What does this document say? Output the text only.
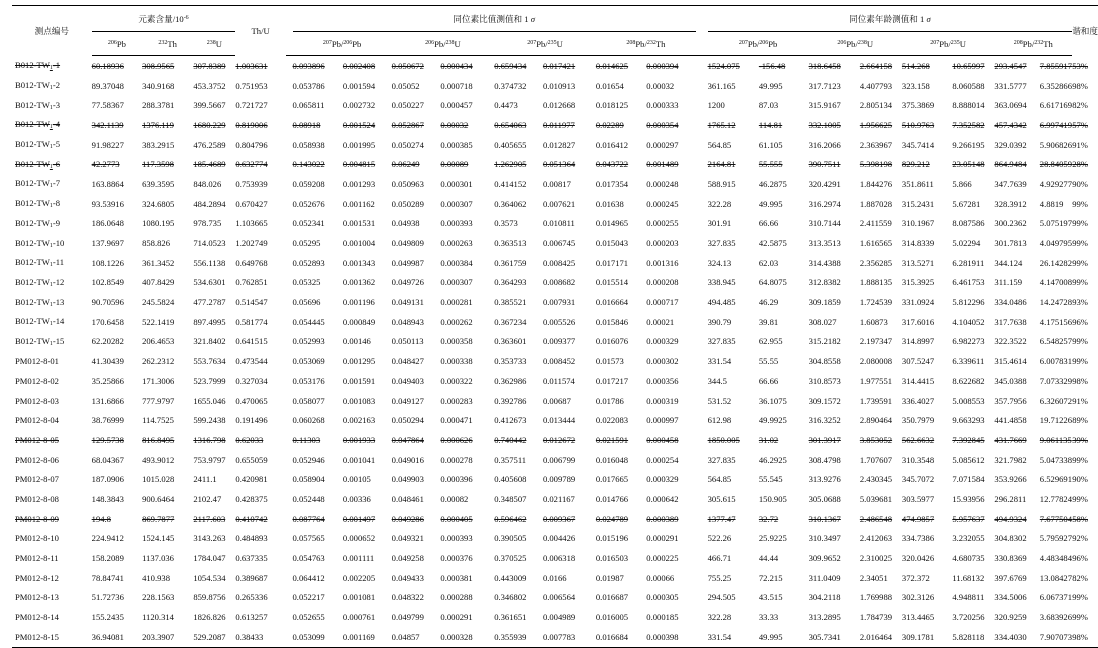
测点编号	元素含量$/10^{-6}$			Th/U		同位素比值测值和 1 σ									同位素年龄测值和 1 σ								谐和度
	$^{206}$Pb	$^{232}$Th	$^{238}$U			$^{207}$Pb/$^{206}$Pb		$^{206}$Pb/$^{238}$U		$^{207}$Pb/$^{235}$U		$^{208}$Pb/$^{232}$Th			$^{207}$Pb/$^{206}$Pb		$^{206}$Pb/$^{238}$U		$^{207}$Pb/$^{235}$U		$^{208}$Pb/$^{232}$Th		
$B012-TW_1-1$	60.18936	308.9565	307.8389	1.003631		0.093896	0.002408	0.050672	0.000434	0.659434	0.017421	0.014625	0.000394		1524.075	-156.48	318.6458	2.664158	514.268	10.65997	293.4547	7.855917	53%
$B012-TW_1-2$	89.37048	340.9168	453.3752	0.751953		0.053786	0.001594	0.05052	0.000718	0.374732	0.010913	0.01654	0.00032		361.165	49.995	317.7123	4.407793	323.158	8.060588	331.5777	6.352866	98%
$B012-TW_1-3$	77.58367	288.3781	399.5667	0.721727		0.065811	0.002732	0.050227	0.000457	0.4473	0.012668	0.018125	0.000333		1200	87.03	315.9167	2.805134	375.3869	8.888014	363.0694	6.617169	82%
$B012-TW_1-4$	342.1139	1376.119	1680.229	0.819006		0.08918	0.001524	0.052867	0.00032	0.654063	0.011977	0.02289	0.000354		1765.12	114.81	332.1005	1.956625	510.9763	7.352582	457.4342	6.997419	57%
$B012-TW_1-5$	91.98227	383.2915	476.2589	0.804796		0.058938	0.001995	0.050274	0.000385	0.405655	0.012827	0.016412	0.000297		564.85	61.105	316.2066	2.363967	345.7414	9.266195	329.0392	5.906826	91%
$B012-TW_1-6$	42.2773	117.3598	185.4689	0.632774		0.143022	0.004815	0.06249	0.00089	1.262905	0.051364	0.043722	0.001489		2164.81	55.555	390.7511	5.398198	829.212	23.05148	864.9484	28.84059	28%
$B012-TW_1-7$	163.8864	639.3595	848.026	0.753939		0.059208	0.001293	0.050963	0.000301	0.414152	0.00817	0.017354	0.000248		588.915	46.2875	320.4291	1.844276	351.8611	5.866	347.7639	4.929277	90%
$B012-TW_1-8$	93.53916	324.6805	484.2894	0.670427		0.052676	0.001162	0.050289	0.000307	0.364062	0.007621	0.01638	0.000245		322.28	49.995	316.2974	1.887028	315.2431	5.67281	328.3912	4.8819	99%
$B012-TW_1-9$	186.0648	1080.195	978.735	1.103665		0.052341	0.001531	0.04938	0.000393	0.3573	0.010811	0.014965	0.000255		301.91	66.66	310.7144	2.411559	310.1967	8.087586	300.2362	5.075197	99%
$B012-TW_1-10$	137.9697	858.826	714.0523	1.202749		0.05295	0.001004	0.049809	0.000263	0.363513	0.006745	0.015043	0.000203		327.835	42.5875	313.3513	1.616565	314.8339	5.02294	301.7813	4.049795	99%
$B012-TW_1-11$	108.1226	361.3452	556.1138	0.649768		0.052893	0.001343	0.049987	0.000384	0.361759	0.008425	0.017171	0.001316		324.13	62.03	314.4388	2.356285	313.5271	6.281911	344.124	26.14282	99%
$B012-TW_1-12$	102.8549	407.8429	534.6301	0.762851		0.05325	0.001362	0.049726	0.000307	0.364293	0.008682	0.015514	0.000208		338.945	64.8075	312.8382	1.888135	315.3925	6.461753	311.159	4.147008	99%
$B012-TW_1-13$	90.70596	245.5824	477.2787	0.514547		0.05696	0.001196	0.049131	0.000281	0.385521	0.007931	0.016664	0.000717		494.485	46.29	309.1859	1.724539	331.0924	5.812296	334.0486	14.24728	93%
$B012-TW_1-14$	170.6458	522.1419	897.4995	0.581774		0.054445	0.000849	0.048943	0.000262	0.367234	0.005526	0.015846	0.00021		390.79	39.81	308.027	1.60873	317.6016	4.104052	317.7638	4.175156	96%
$B012-TW_1-15$	62.20282	206.4653	321.8402	0.641515		0.052993	0.00146	0.050113	0.000358	0.363601	0.009377	0.016076	0.000329		327.835	62.955	315.2182	2.197347	314.8997	6.982273	322.3522	6.548257	99%
PM012-8-01	41.30439	262.2312	553.7634	0.473544		0.053069	0.001295	0.048427	0.000338	0.353733	0.008452	0.01573	0.000302		331.54	55.55	304.8558	2.080008	307.5247	6.339611	315.4614	6.007831	99%
PM012-8-02	35.25866	171.3006	523.7999	0.327034		0.053176	0.001591	0.049403	0.000322	0.362986	0.011574	0.017217	0.000356		344.5	66.66	310.8573	1.977551	314.4415	8.622682	345.0388	7.073329	98%
PM012-8-03	131.6866	777.9797	1655.046	0.470065		0.058077	0.001083	0.049127	0.000283	0.392786	0.00687	0.01786	0.000319		531.52	36.1075	309.1572	1.739591	336.4027	5.008553	357.7956	6.326072	91%
PM012-8-04	38.76999	114.7525	599.2438	0.191496		0.060268	0.002163	0.050294	0.000471	0.412673	0.013444	0.022083	0.000997		612.98	49.9925	316.3252	2.890464	350.7979	9.663293	441.4858	19.71226	89%
PM012-8-05	129.5738	816.8495	1316.798	0.62033		0.11303	0.001933	0.047864	0.000626	0.740442	0.012672	0.021591	0.000458		1850.005	31.02	301.3917	3.853052	562.6632	7.392845	431.7669	9.061135	39%
PM012-8-06	68.04367	493.9012	753.9797	0.655059		0.052946	0.001041	0.049016	0.000278	0.357511	0.006799	0.016048	0.000254		327.835	46.2925	308.4798	1.707607	310.3548	5.085612	321.7982	5.047338	99%
PM012-8-07	187.0906	1015.028	2411.1	0.420981		0.058904	0.00105	0.049903	0.000396	0.405608	0.009789	0.017665	0.000329		564.85	55.545	313.9276	2.430345	345.7072	7.071584	353.9266	6.529691	90%
PM012-8-08	148.3843	900.6464	2102.47	0.428375		0.052448	0.00336	0.048461	0.00082	0.348507	0.021167	0.014766	0.000642		305.615	150.905	305.0688	5.039681	303.5977	15.93956	296.2811	12.77824	99%
PM012-8-09	194.8	869.7877	2117.603	0.410742		0.087764	0.001497	0.049286	0.000405	0.596462	0.009367	0.024789	0.000389		1377.47	32.72	310.1367	2.486548	474.9857	5.957637	494.9324	7.677504	58%
PM012-8-10	224.9412	1524.145	3143.263	0.484893		0.057565	0.000652	0.049321	0.000393	0.390505	0.004426	0.015196	0.000291		522.26	25.9225	310.3497	2.412063	334.7386	3.232055	304.8302	5.795927	92%
PM012-8-11	158.2089	1137.036	1784.047	0.637335		0.054763	0.001111	0.049258	0.000376	0.370525	0.006318	0.016503	0.000225		466.71	44.44	309.9652	2.310025	320.0426	4.680735	330.8369	4.483484	96%
PM012-8-12	78.84741	410.938	1054.534	0.389687		0.064412	0.002205	0.049433	0.000381	0.443009	0.0166	0.01987	0.00066		755.25	72.215	311.0409	2.34051	372.372	11.68132	397.6769	13.08427	82%
PM012-8-13	51.72736	228.1563	859.8756	0.265336		0.052217	0.001081	0.048322	0.000288	0.346802	0.006564	0.016687	0.000305		294.505	43.515	304.2118	1.769988	302.3126	4.948811	334.5006	6.067371	99%
PM012-8-14	155.2435	1120.314	1826.826	0.613257		0.052655	0.000761	0.049799	0.000291	0.361651	0.004989	0.016005	0.000185		322.28	33.33	313.2895	1.784739	313.4465	3.720256	320.9259	3.683926	99%
PM012-8-15	36.94081	203.3907	529.2087	0.38433		0.053099	0.001169	0.04857	0.000328	0.355939	0.007783	0.016684	0.000398		331.54	49.995	305.7341	2.016464	309.1781	5.828118	334.4030	7.907073	98%
